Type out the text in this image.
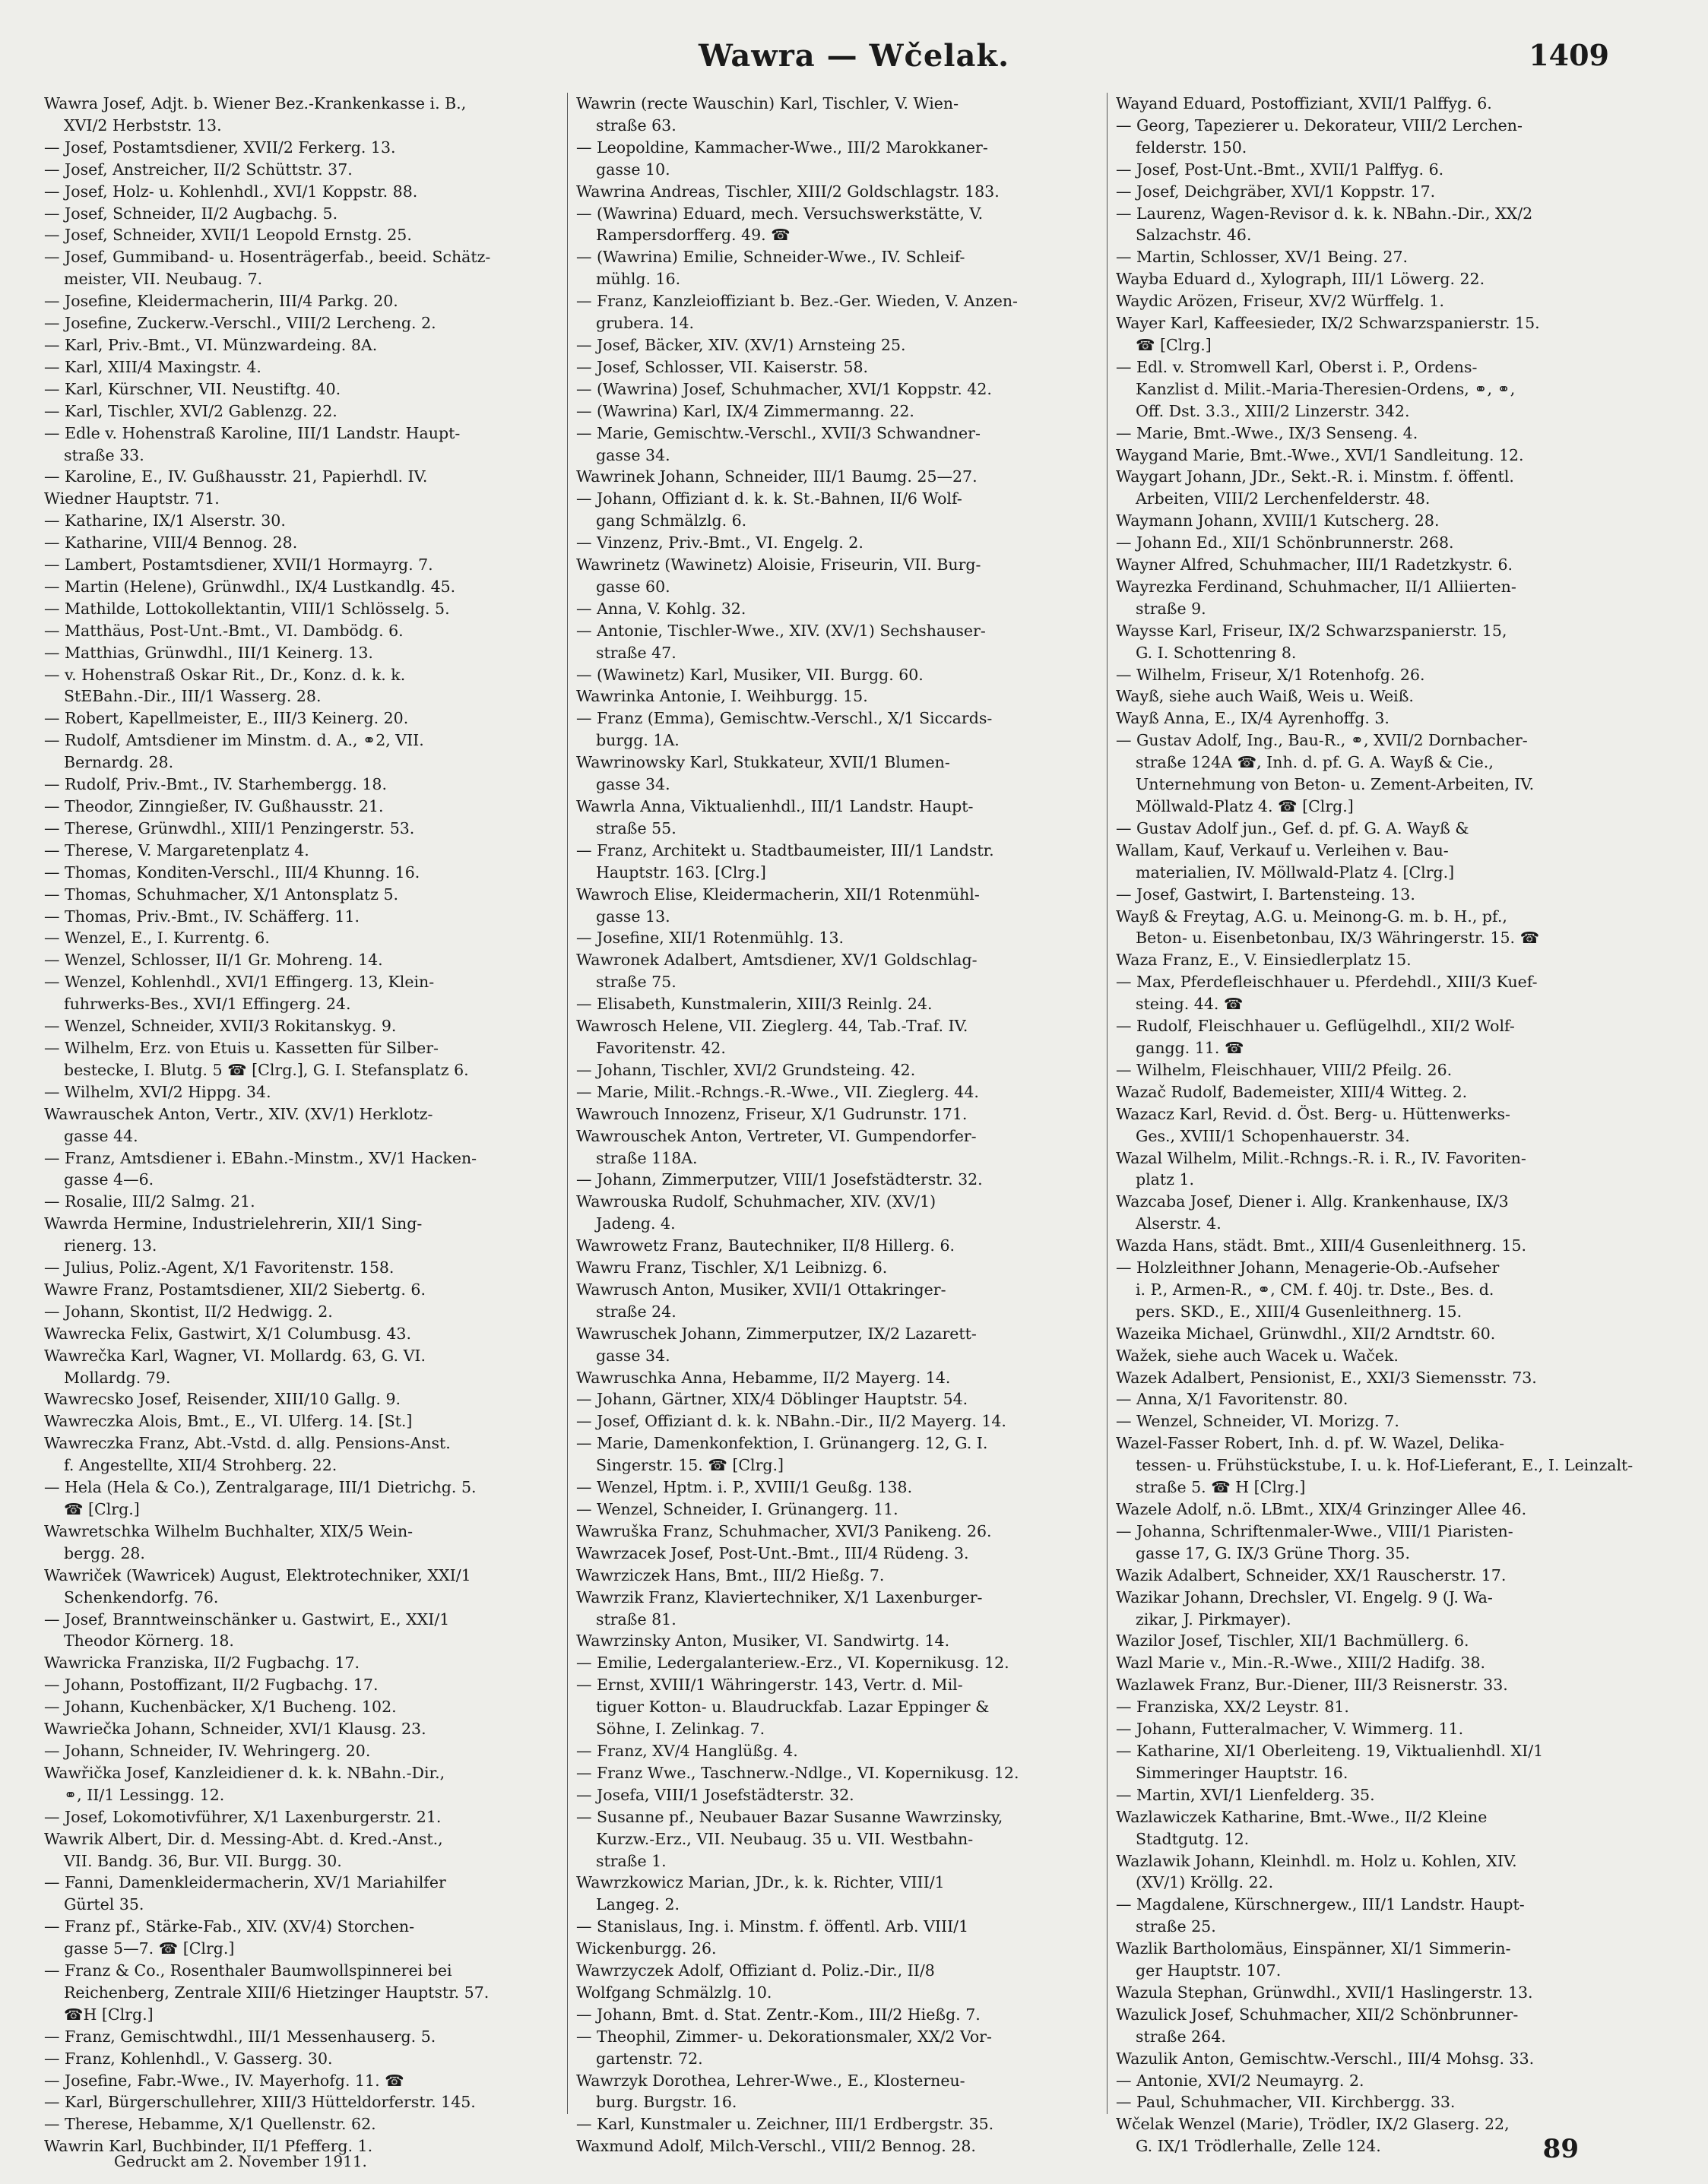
Wawra — Wčelak.	1409
Wawra Josef, Adjt. b. Wiener Bez.-Krankenkasse i. B.,
XVI/2 Herbststr. 13.
— Josef, Postamtsdiener, XVII/2 Ferkerg. 13.
— Josef, Anstreicher, II/2 Schüttstr. 37.
— Josef, Holz- u. Kohlenhdl., XVI/1 Koppstr. 88.
— Josef, Schneider, II/2 Augbachg. 5.
— Josef, Schneider, XVII/1 Leopold Ernstg. 25.
— Josef, Gummiband- u. Hosenträgerfab., beeid. Schätz-
meister, VII. Neubaug. 7.
— Josefine, Kleidermacherin, III/4 Parkg. 20.
— Josefine, Zuckerw.-Verschl., VIII/2 Lercheng. 2.
— Karl, Priv.-Bmt., VI. Münzwardeing. 8A.
— Karl, XIII/4 Maxingstr. 4.
— Karl, Kürschner, VII. Neustiftg. 40.
— Karl, Tischler, XVI/2 Gablenzg. 22.
— Edle v. Hohenstraß Karoline, III/1 Landstr. Haupt-
straße 33.
— Karoline, E., IV. Gußhausstr. 21, Papierhdl. IV.
Wiedner Hauptstr. 71.
— Katharine, IX/1 Alserstr. 30.
— Katharine, VIII/4 Bennog. 28.
— Lambert, Postamtsdiener, XVII/1 Hormayrg. 7.
— Martin (Helene), Grünwdhl., IX/4 Lustkandlg. 45.
— Mathilde, Lottokollektantin, VIII/1 Schlösselg. 5.
— Matthäus, Post-Unt.-Bmt., VI. Dambödg. 6.
— Matthias, Grünwdhl., III/1 Keinerg. 13.
— v. Hohenstraß Oskar Rit., Dr., Konz. d. k. k.
StEBahn.-Dir., III/1 Wasserg. 28.
— Robert, Kapellmeister, E., III/3 Keinerg. 20.
— Rudolf, Amtsdiener im Minstm. d. A., ⚭2, VII.
Bernardg. 28.
— Rudolf, Priv.-Bmt., IV. Starhembergg. 18.
— Theodor, Zinngießer, IV. Gußhausstr. 21.
— Therese, Grünwdhl., XIII/1 Penzingerstr. 53.
— Therese, V. Margaretenplatz 4.
— Thomas, Konditen-Verschl., III/4 Khunng. 16.
— Thomas, Schuhmacher, X/1 Antonsplatz 5.
— Thomas, Priv.-Bmt., IV. Schäfferg. 11.
— Wenzel, E., I. Kurrentg. 6.
— Wenzel, Schlosser, II/1 Gr. Mohreng. 14.
— Wenzel, Kohlenhdl., XVI/1 Effingerg. 13, Klein-
fuhrwerks-Bes., XVI/1 Effingerg. 24.
— Wenzel, Schneider, XVII/3 Rokitanskyg. 9.
— Wilhelm, Erz. von Etuis u. Kassetten für Silber-
bestecke, I. Blutg. 5 ☎ [Clrg.], G. I. Stefansplatz 6.
— Wilhelm, XVI/2 Hippg. 34.
Wawrauschek Anton, Vertr., XIV. (XV/1) Herklotz-
gasse 44.
— Franz, Amtsdiener i. EBahn.-Minstm., XV/1 Hacken-
gasse 4—6.
— Rosalie, III/2 Salmg. 21.
Wawrda Hermine, Industrielehrerin, XII/1 Sing-
rienerg. 13.
— Julius, Poliz.-Agent, X/1 Favoritenstr. 158.
Wawre Franz, Postamtsdiener, XII/2 Siebertg. 6.
— Johann, Skontist, II/2 Hedwigg. 2.
Wawrecka Felix, Gastwirt, X/1 Columbusg. 43.
Wawrečka Karl, Wagner, VI. Mollardg. 63, G. VI.
Mollardg. 79.
Wawrecsko Josef, Reisender, XIII/10 Gallg. 9.
Wawreczka Alois, Bmt., E., VI. Ulferg. 14. [St.]
Wawreczka Franz, Abt.-Vstd. d. allg. Pensions-Anst.
f. Angestellte, XII/4 Strohberg. 22.
— Hela (Hela & Co.), Zentralgarage, III/1 Dietrichg. 5.
☎ [Clrg.]
Wawretschka Wilhelm Buchhalter, XIX/5 Wein-
bergg. 28.
Wawriček (Wawricek) August, Elektrotechniker, XXI/1
Schenkendorfg. 76.
— Josef, Branntweinschänker u. Gastwirt, E., XXI/1
Theodor Körnerg. 18.
Wawricka Franziska, II/2 Fugbachg. 17.
— Johann, Postoffizant, II/2 Fugbachg. 17.
— Johann, Kuchenbäcker, X/1 Bucheng. 102.
Wawriečka Johann, Schneider, XVI/1 Klausg. 23.
— Johann, Schneider, IV. Wehringerg. 20.
Wawřička Josef, Kanzleidiener d. k. k. NBahn.-Dir.,
⚭, II/1 Lessingg. 12.
— Josef, Lokomotivführer, X/1 Laxenburgerstr. 21.
Wawrik Albert, Dir. d. Messing-Abt. d. Kred.-Anst.,
VII. Bandg. 36, Bur. VII. Burgg. 30.
— Fanni, Damenkleidermacherin, XV/1 Mariahilfer
Gürtel 35.
— Franz pf., Stärke-Fab., XIV. (XV/4) Storchen-
gasse 5—7. ☎ [Clrg.]
— Franz & Co., Rosenthaler Baumwollspinnerei bei
Reichenberg, Zentrale XIII/6 Hietzinger Hauptstr. 57.
☎H [Clrg.]
— Franz, Gemischtwdhl., III/1 Messenhauserg. 5.
— Franz, Kohlenhdl., V. Gasserg. 30.
— Josefine, Fabr.-Wwe., IV. Mayerhofg. 11. ☎
— Karl, Bürgerschullehrer, XIII/3 Hütteldorferstr. 145.
— Therese, Hebamme, X/1 Quellenstr. 62.
Wawrin Karl, Buchbinder, II/1 Pfefferg. 1.
Wawrin (recte Wauschin) Karl, Tischler, V. Wien-
straße 63.
— Leopoldine, Kammacher-Wwe., III/2 Marokkaner-
gasse 10.
Wawrina Andreas, Tischler, XIII/2 Goldschlagstr. 183.
— (Wawrina) Eduard, mech. Versuchswerkstätte, V.
Rampersdorfferg. 49. ☎
— (Wawrina) Emilie, Schneider-Wwe., IV. Schleif-
mühlg. 16.
— Franz, Kanzleioffiziant b. Bez.-Ger. Wieden, V. Anzen-
grubera. 14.
— Josef, Bäcker, XIV. (XV/1) Arnsteing 25.
— Josef, Schlosser, VII. Kaiserstr. 58.
— (Wawrina) Josef, Schuhmacher, XVI/1 Koppstr. 42.
— (Wawrina) Karl, IX/4 Zimmermanng. 22.
— Marie, Gemischtw.-Verschl., XVII/3 Schwandner-
gasse 34.
Wawrinek Johann, Schneider, III/1 Baumg. 25—27.
— Johann, Offiziant d. k. k. St.-Bahnen, II/6 Wolf-
gang Schmälzlg. 6.
— Vinzenz, Priv.-Bmt., VI. Engelg. 2.
Wawrinetz (Wawinetz) Aloisie, Friseurin, VII. Burg-
gasse 60.
— Anna, V. Kohlg. 32.
— Antonie, Tischler-Wwe., XIV. (XV/1) Sechshauser-
straße 47.
— (Wawinetz) Karl, Musiker, VII. Burgg. 60.
Wawrinka Antonie, I. Weihburgg. 15.
— Franz (Emma), Gemischtw.-Verschl., X/1 Siccards-
burgg. 1A.
Wawrinowsky Karl, Stukkateur, XVII/1 Blumen-
gasse 34.
Wawrla Anna, Viktualienhdl., III/1 Landstr. Haupt-
straße 55.
— Franz, Architekt u. Stadtbaumeister, III/1 Landstr.
Hauptstr. 163. [Clrg.]
Wawroch Elise, Kleidermacherin, XII/1 Rotenmühl-
gasse 13.
— Josefine, XII/1 Rotenmühlg. 13.
Wawronek Adalbert, Amtsdiener, XV/1 Goldschlag-
straße 75.
— Elisabeth, Kunstmalerin, XIII/3 Reinlg. 24.
Wawrosch Helene, VII. Zieglerg. 44, Tab.-Traf. IV.
Favoritenstr. 42.
— Johann, Tischler, XVI/2 Grundsteing. 42.
— Marie, Milit.-Rchngs.-R.-Wwe., VII. Zieglerg. 44.
Wawrouch Innozenz, Friseur, X/1 Gudrunstr. 171.
Wawrouschek Anton, Vertreter, VI. Gumpendorfer-
straße 118A.
— Johann, Zimmerputzer, VIII/1 Josefstädterstr. 32.
Wawrouska Rudolf, Schuhmacher, XIV. (XV/1)
Jadeng. 4.
Wawrowetz Franz, Bautechniker, II/8 Hillerg. 6.
Wawru Franz, Tischler, X/1 Leibnizg. 6.
Wawrusch Anton, Musiker, XVII/1 Ottakringer-
straße 24.
Wawruschek Johann, Zimmerputzer, IX/2 Lazarett-
gasse 34.
Wawruschka Anna, Hebamme, II/2 Mayerg. 14.
— Johann, Gärtner, XIX/4 Döblinger Hauptstr. 54.
— Josef, Offiziant d. k. k. NBahn.-Dir., II/2 Mayerg. 14.
— Marie, Damenkonfektion, I. Grünangerg. 12, G. I.
Singerstr. 15. ☎ [Clrg.]
— Wenzel, Hptm. i. P., XVIII/1 Geußg. 138.
— Wenzel, Schneider, I. Grünangerg. 11.
Wawruška Franz, Schuhmacher, XVI/3 Panikeng. 26.
Wawrzacek Josef, Post-Unt.-Bmt., III/4 Rüdeng. 3.
Wawrziczek Hans, Bmt., III/2 Hießg. 7.
Wawrzik Franz, Klaviertechniker, X/1 Laxenburger-
straße 81.
Wawrzinsky Anton, Musiker, VI. Sandwirtg. 14.
— Emilie, Ledergalanteriew.-Erz., VI. Kopernikusg. 12.
— Ernst, XVIII/1 Währingerstr. 143, Vertr. d. Mil-
tiguer Kotton- u. Blaudruckfab. Lazar Eppinger &
Söhne, I. Zelinkag. 7.
— Franz, XV/4 Hanglüßg. 4.
— Franz Wwe., Taschnerw.-Ndlge., VI. Kopernikusg. 12.
— Josefa, VIII/1 Josefstädterstr. 32.
— Susanne pf., Neubauer Bazar Susanne Wawrzinsky,
Kurzw.-Erz., VII. Neubaug. 35 u. VII. Westbahn-
straße 1.
Wawrzkowicz Marian, JDr., k. k. Richter, VIII/1
Langeg. 2.
— Stanislaus, Ing. i. Minstm. f. öffentl. Arb. VIII/1
Wickenburgg. 26.
Wawrzyczek Adolf, Offiziant d. Poliz.-Dir., II/8
Wolfgang Schmälzlg. 10.
— Johann, Bmt. d. Stat. Zentr.-Kom., III/2 Hießg. 7.
— Theophil, Zimmer- u. Dekorationsmaler, XX/2 Vor-
gartenstr. 72.
Wawrzyk Dorothea, Lehrer-Wwe., E., Klosterneu-
burg. Burgstr. 16.
— Karl, Kunstmaler u. Zeichner, III/1 Erdbergstr. 35.
Waxmund Adolf, Milch-Verschl., VIII/2 Bennog. 28.
Wayand Eduard, Postoffiziant, XVII/1 Palffyg. 6.
— Georg, Tapezierer u. Dekorateur, VIII/2 Lerchen-
felderstr. 150.
— Josef, Post-Unt.-Bmt., XVII/1 Palffyg. 6.
— Josef, Deichgräber, XVI/1 Koppstr. 17.
— Laurenz, Wagen-Revisor d. k. k. NBahn.-Dir., XX/2
Salzachstr. 46.
— Martin, Schlosser, XV/1 Being. 27.
Wayba Eduard d., Xylograph, III/1 Löwerg. 22.
Waydic Arözen, Friseur, XV/2 Würffelg. 1.
Wayer Karl, Kaffeesieder, IX/2 Schwarzspanierstr. 15.
☎ [Clrg.]
— Edl. v. Stromwell Karl, Oberst i. P., Ordens-
Kanzlist d. Milit.-Maria-Theresien-Ordens, ⚭, ⚭,
Off. Dst. 3.3., XIII/2 Linzerstr. 342.
— Marie, Bmt.-Wwe., IX/3 Senseng. 4.
Waygand Marie, Bmt.-Wwe., XVI/1 Sandleitung. 12.
Waygart Johann, JDr., Sekt.-R. i. Minstm. f. öffentl.
Arbeiten, VIII/2 Lerchenfelderstr. 48.
Waymann Johann, XVIII/1 Kutscherg. 28.
— Johann Ed., XII/1 Schönbrunnerstr. 268.
Wayner Alfred, Schuhmacher, III/1 Radetzkystr. 6.
Wayrezka Ferdinand, Schuhmacher, II/1 Alliierten-
straße 9.
Waysse Karl, Friseur, IX/2 Schwarzspanierstr. 15,
G. I. Schottenring 8.
— Wilhelm, Friseur, X/1 Rotenhofg. 26.
Wayß, siehe auch Waiß, Weis u. Weiß.
Wayß Anna, E., IX/4 Ayrenhoffg. 3.
— Gustav Adolf, Ing., Bau-R., ⚭, XVII/2 Dornbacher-
straße 124A ☎, Inh. d. pf. G. A. Wayß & Cie.,
Unternehmung von Beton- u. Zement-Arbeiten, IV.
Möllwald-Platz 4. ☎ [Clrg.]
— Gustav Adolf jun., Gef. d. pf. G. A. Wayß &
Wallam, Kauf, Verkauf u. Verleihen v. Bau-
materialien, IV. Möllwald-Platz 4. [Clrg.]
— Josef, Gastwirt, I. Bartensteing. 13.
Wayß & Freytag, A.G. u. Meinong-G. m. b. H., pf.,
Beton- u. Eisenbetonbau, IX/3 Währingerstr. 15. ☎
Waza Franz, E., V. Einsiedlerplatz 15.
— Max, Pferdefleischhauer u. Pferdehdl., XIII/3 Kuef-
steing. 44. ☎
— Rudolf, Fleischhauer u. Geflügelhdl., XII/2 Wolf-
gangg. 11. ☎
— Wilhelm, Fleischhauer, VIII/2 Pfeilg. 26.
Wazač Rudolf, Bademeister, XIII/4 Witteg. 2.
Wazacz Karl, Revid. d. Öst. Berg- u. Hüttenwerks-
Ges., XVIII/1 Schopenhauerstr. 34.
Wazal Wilhelm, Milit.-Rchngs.-R. i. R., IV. Favoriten-
platz 1.
Wazcaba Josef, Diener i. Allg. Krankenhause, IX/3
Alserstr. 4.
Wazda Hans, städt. Bmt., XIII/4 Gusenleithnerg. 15.
— Holzleithner Johann, Menagerie-Ob.-Aufseher
i. P., Armen-R., ⚭, CM. f. 40j. tr. Dste., Bes. d.
pers. SKD., E., XIII/4 Gusenleithnerg. 15.
Wazeika Michael, Grünwdhl., XII/2 Arndtstr. 60.
Wažek, siehe auch Wacek u. Waček.
Wazek Adalbert, Pensionist, E., XXI/3 Siemensstr. 73.
— Anna, X/1 Favoritenstr. 80.
— Wenzel, Schneider, VI. Morizg. 7.
Wazel-Fasser Robert, Inh. d. pf. W. Wazel, Delika-
tessen- u. Frühstückstube, I. u. k. Hof-Lieferant, E., I. Leinzalt-
straße 5. ☎ H [Clrg.]
Wazele Adolf, n.ö. LBmt., XIX/4 Grinzinger Allee 46.
— Johanna, Schriftenmaler-Wwe., VIII/1 Piaristen-
gasse 17, G. IX/3 Grüne Thorg. 35.
Wazik Adalbert, Schneider, XX/1 Rauscherstr. 17.
Wazikar Johann, Drechsler, VI. Engelg. 9 (J. Wa-
zikar, J. Pirkmayer).
Wazilor Josef, Tischler, XII/1 Bachmüllerg. 6.
Wazl Marie v., Min.-R.-Wwe., XIII/2 Hadifg. 38.
Wazlawek Franz, Bur.-Diener, III/3 Reisnerstr. 33.
— Franziska, XX/2 Leystr. 81.
— Johann, Futteralmacher, V. Wimmerg. 11.
— Katharine, XI/1 Oberleiteng. 19, Viktualienhdl. XI/1
Simmeringer Hauptstr. 16.
— Martin, XVI/1 Lienfelderg. 35.
Wazlawiczek Katharine, Bmt.-Wwe., II/2 Kleine
Stadtgutg. 12.
Wazlawik Johann, Kleinhdl. m. Holz u. Kohlen, XIV.
(XV/1) Kröllg. 22.
— Magdalene, Kürschnergew., III/1 Landstr. Haupt-
straße 25.
Wazlik Bartholomäus, Einspänner, XI/1 Simmerin-
ger Hauptstr. 107.
Wazula Stephan, Grünwdhl., XVII/1 Haslingerstr. 13.
Wazulick Josef, Schuhmacher, XII/2 Schönbrunner-
straße 264.
Wazulik Anton, Gemischtw.-Verschl., III/4 Mohsg. 33.
— Antonie, XVI/2 Neumayrg. 2.
— Paul, Schuhmacher, VII. Kirchbergg. 33.
Wčelak Wenzel (Marie), Trödler, IX/2 Glaserg. 22,
G. IX/1 Trödlerhalle, Zelle 124.
Gedruckt am 2. November 1911.	89
